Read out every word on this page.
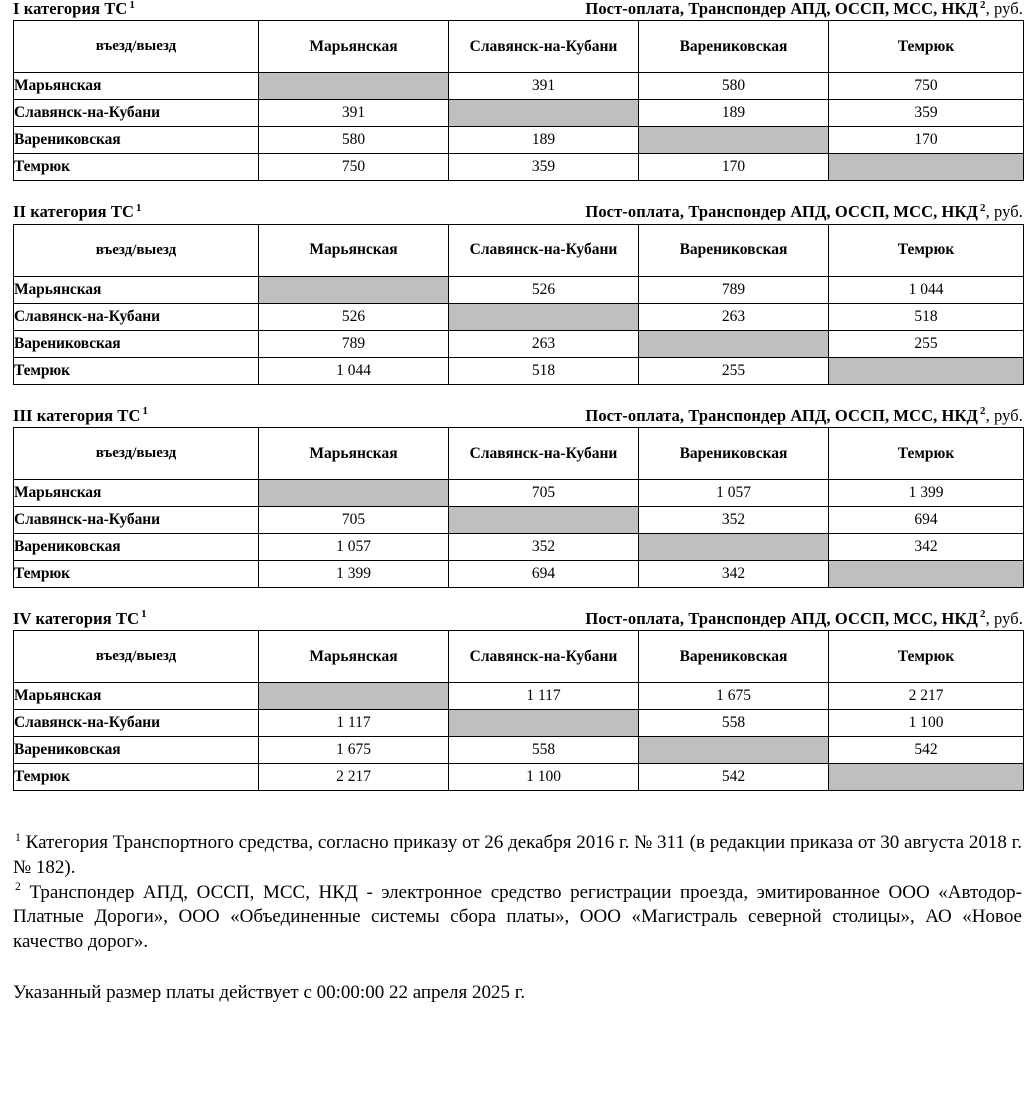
I категория ТС $^1$	Пост-оплата, Транспондер АПД, ОССП, МСС, НКД $^2$, руб.
въезд/выезд	Марьянская	Славянск-на-Кубани	Варениковская	Темрюк
Марьянская		391	580	750
Славянск-на-Кубани	391		189	359
Варениковская	580	189		170
Темрюк	750	359	170	
II категория ТС $^1$	Пост-оплата, Транспондер АПД, ОССП, МСС, НКД $^2$, руб.
въезд/выезд	Марьянская	Славянск-на-Кубани	Варениковская	Темрюк
Марьянская		526	789	1 044
Славянск-на-Кубани	526		263	518
Варениковская	789	263		255
Темрюк	1 044	518	255	
III категория ТС $^1$	Пост-оплата, Транспондер АПД, ОССП, МСС, НКД $^2$, руб.
въезд/выезд	Марьянская	Славянск-на-Кубани	Варениковская	Темрюк
Марьянская		705	1 057	1 399
Славянск-на-Кубани	705		352	694
Варениковская	1 057	352		342
Темрюк	1 399	694	342	
IV категория ТС $^1$	Пост-оплата, Транспондер АПД, ОССП, МСС, НКД $^2$, руб.
въезд/выезд	Марьянская	Славянск-на-Кубани	Варениковская	Темрюк
Марьянская		1 117	1 675	2 217
Славянск-на-Кубани	1 117		558	1 100
Варениковская	1 675	558		542
Темрюк	2 217	1 100	542	

$^1$ Категория Транспортного средства, согласно приказу от 26 декабря 2016 г. № 311 (в редакции приказа от 30 августа 2018 г. № 182).

$^2$ Транспондер АПД, ОССП, МСС, НКД - электронное средство регистрации проезда, эмитированное ООО «Автодор-Платные Дороги», ООО «Объединенные системы сбора платы», ООО «Магистраль северной столицы», АО «Новое качество дорог».

Указанный размер платы действует с 00:00:00 22 апреля 2025 г.
